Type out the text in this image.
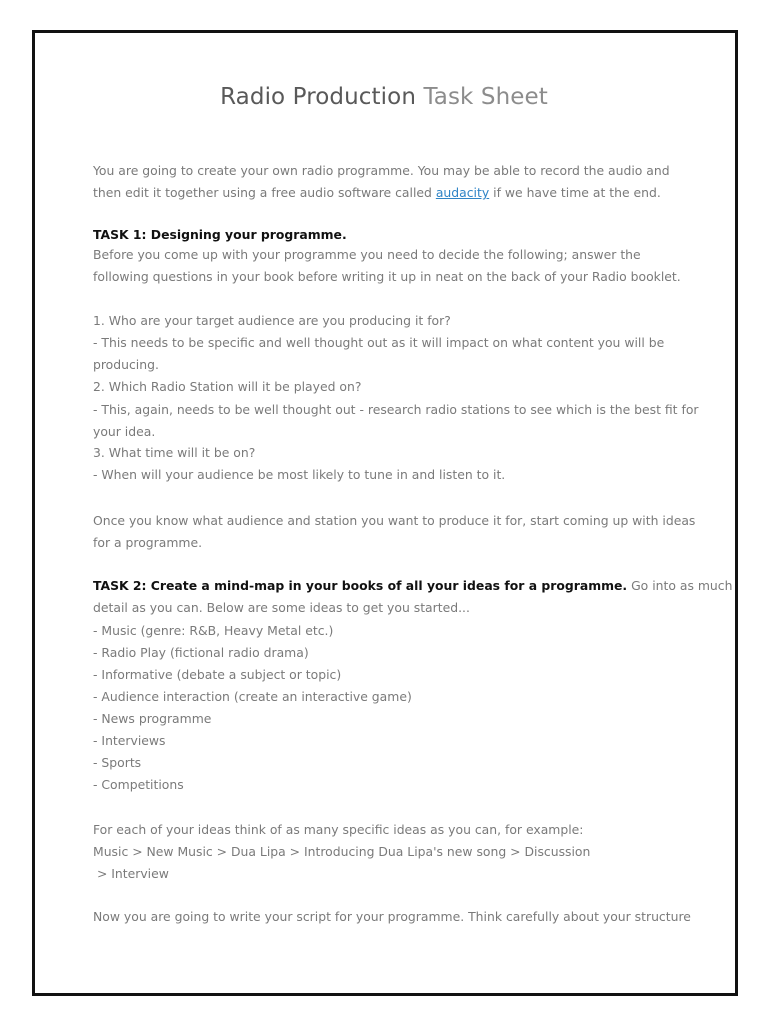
Radio Production Task Sheet
You are going to create your own radio programme. You may be able to record the audio and
then edit it together using a free audio software called audacity if we have time at the end.
TASK 1: Designing your programme.
Before you come up with your programme you need to decide the following; answer the
following questions in your book before writing it up in neat on the back of your Radio booklet.
1. Who are your target audience are you producing it for?
- This needs to be specific and well thought out as it will impact on what content you will be
producing.
2. Which Radio Station will it be played on?
- This, again, needs to be well thought out - research radio stations to see which is the best fit for
your idea.
3. What time will it be on?
- When will your audience be most likely to tune in and listen to it.
Once you know what audience and station you want to produce it for, start coming up with ideas
for a programme.
TASK 2: Create a mind-map in your books of all your ideas for a programme. Go into as much
detail as you can. Below are some ideas to get you started...
- Music (genre: R&B, Heavy Metal etc.)
- Radio Play (fictional radio drama)
- Informative (debate a subject or topic)
- Audience interaction (create an interactive game)
- News programme
- Interviews
- Sports
- Competitions
For each of your ideas think of as many specific ideas as you can, for example:
Music > New Music > Dua Lipa > Introducing Dua Lipa's new song > Discussion
> Interview
Now you are going to write your script for your programme. Think carefully about your structure
